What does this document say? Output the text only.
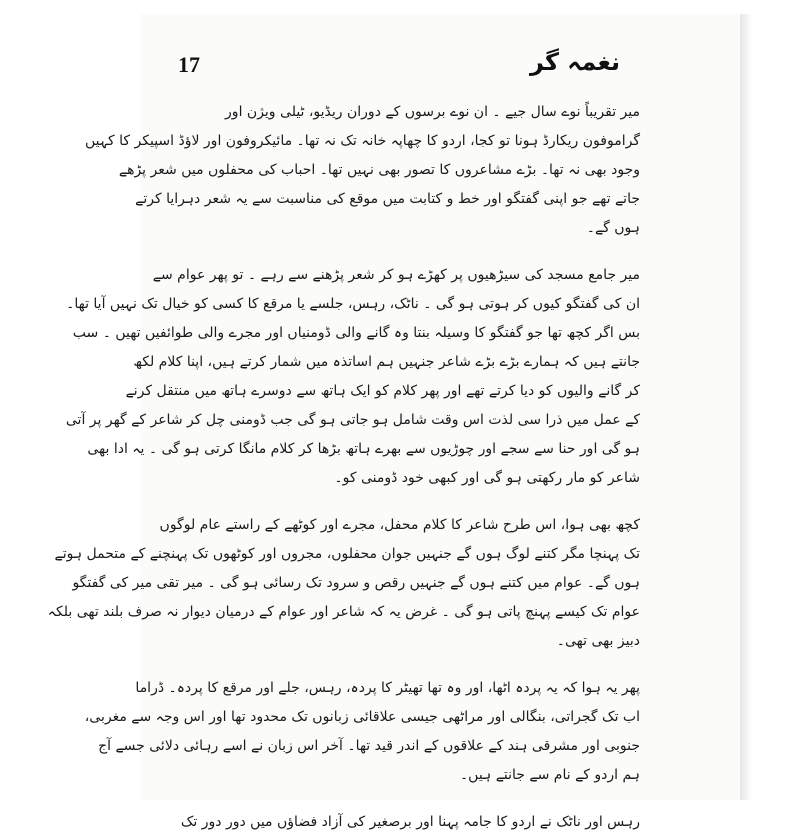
17	نغمہ گر
میر تقریباً نوے سال جیے ۔ ان نوے برسوں کے دوران ریڈیو، ٹیلی ویژن اور
گراموفون ریکارڈ ہونا تو کجا، اردو کا چھاپہ خانہ تک نہ تھا۔ مائیکروفون اور لاؤڈ اسپیکر کا کہیں
وجود بھی نہ تھا۔ بڑے مشاعروں کا تصور بھی نہیں تھا۔ احباب کی محفلوں میں شعر پڑھے
جاتے تھے جو اپنی گفتگو اور خط و کتابت میں موقع کی مناسبت سے یہ شعر دہرایا کرتے
ہوں گے۔
میر جامع مسجد کی سیڑھیوں پر کھڑے ہو کر شعر پڑھنے سے رہے ۔ تو پھر عوام سے
ان کی گفتگو کیوں کر ہوتی ہو گی ۔ ناٹک، رہس، جلسے یا مرقع کا کسی کو خیال تک نہیں آیا تھا۔
بس اگر کچھ تھا جو گفتگو کا وسیلہ بنتا وہ گانے والی ڈومنیاں اور مجرے والی طوائفیں تھیں ۔ سب
جانتے ہیں کہ ہمارے بڑے بڑے شاعر جنہیں ہم اساتذہ میں شمار کرتے ہیں، اپنا کلام لکھ
کر گانے والیوں کو دیا کرتے تھے اور پھر کلام کو ایک ہاتھ سے دوسرے ہاتھ میں منتقل کرنے
کے عمل میں ذرا سی لذت اس وقت شامل ہو جاتی ہو گی جب ڈومنی چل کر شاعر کے گھر پر آتی
ہو گی اور حنا سے سجے اور چوڑیوں سے بھرے ہاتھ بڑھا کر کلام مانگا کرتی ہو گی ۔ یہ ادا بھی
شاعر کو مار رکھتی ہو گی اور کبھی خود ڈومنی کو۔
کچھ بھی ہوا، اس طرح شاعر کا کلام محفل، مجرے اور کوٹھے کے راستے عام لوگوں
تک پہنچا مگر کتنے لوگ ہوں گے جنہیں جوان محفلوں، مجروں اور کوٹھوں تک پہنچنے کے متحمل ہوتے
ہوں گے۔ عوام میں کتنے ہوں گے جنہیں رقص و سرود تک رسائی ہو گی ۔ میر تقی میر کی گفتگو
عوام تک کیسے پہنچ پاتی ہو گی ۔ غرض یہ کہ شاعر اور عوام کے درمیان دیوار نہ صرف بلند تھی بلکہ
دبیز بھی تھی۔
پھر یہ ہوا کہ یہ پردہ اٹھا، اور وہ تھا تھیٹر کا پردہ، رہس، جلے اور مرقع کا پردہ۔ ڈراما
اب تک گجراتی، بنگالی اور مراٹھی جیسی علاقائی زبانوں تک محدود تھا اور اس وجہ سے مغربی،
جنوبی اور مشرقی ہند کے علاقوں کے اندر قید تھا۔ آخر اس زبان نے اسے رہائی دلائی جسے آج
ہم اردو کے نام سے جانتے ہیں۔
رہس اور ناٹک نے اردو کا جامہ پہنا اور برصغیر کی آزاد فضاؤں میں دور دور تک
